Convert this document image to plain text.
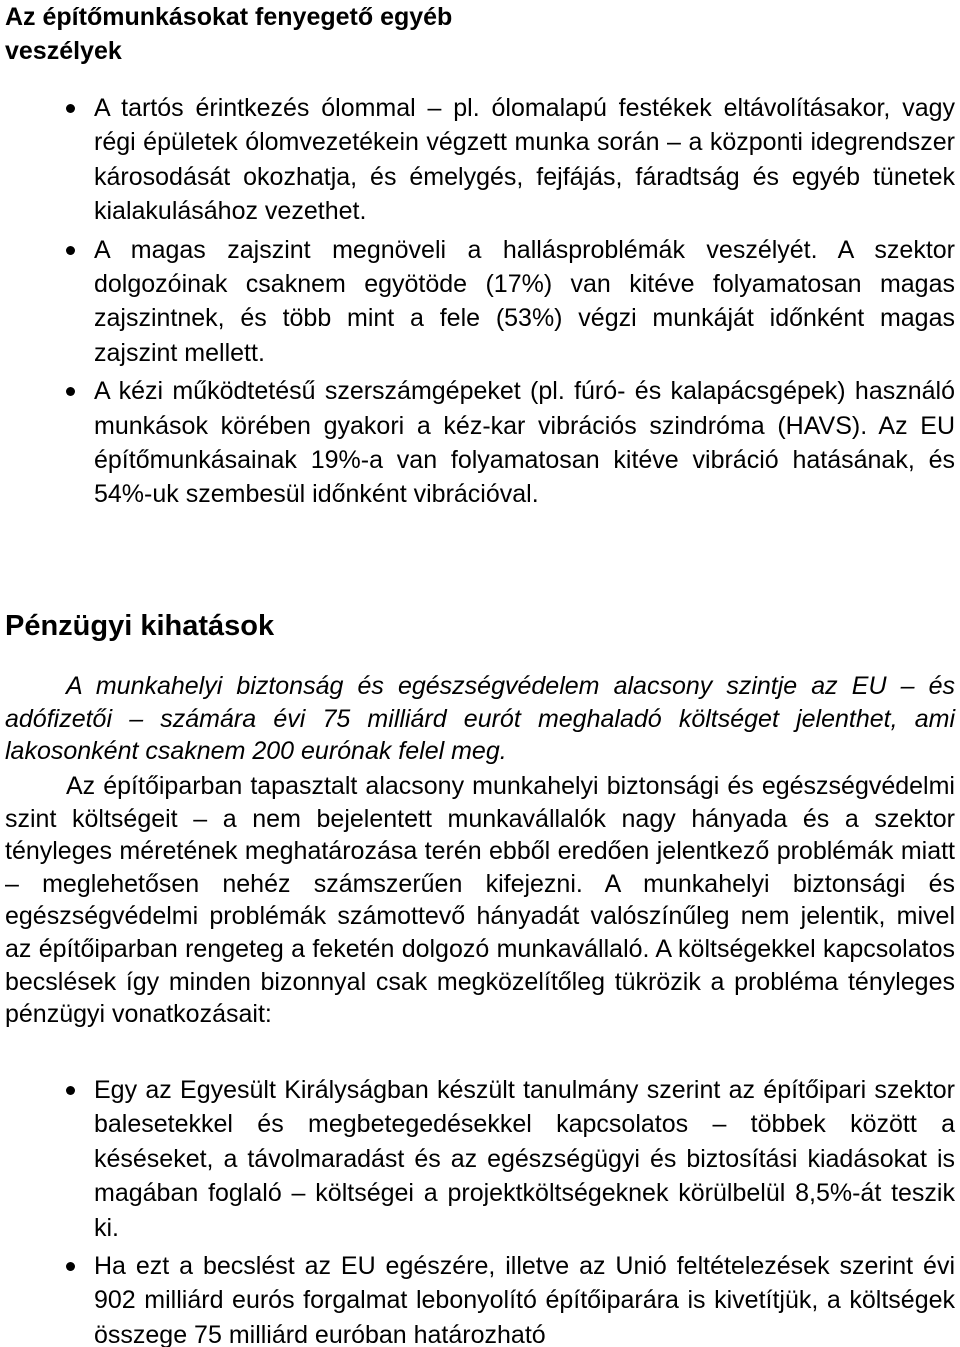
Az építőmunkásokat fenyegető egyéb veszélyek
A tartós érintkezés ólommal – pl. ólomalapú festékek eltávolításakor, vagy régi épületek ólomvezetékein végzett munka során – a központi idegrendszer károsodását okozhatja, és émelygés, fejfájás, fáradtság és egyéb tünetek kialakulásához vezethet.
A magas zajszint megnöveli a hallásproblémák veszélyét. A szektor dolgozóinak csaknem egyötöde (17%) van kitéve folyamatosan magas zajszintnek, és több mint a fele (53%) végzi munkáját időnként magas zajszint mellett.
A kézi működtetésű szerszámgépeket (pl. fúró- és kalapácsgépek) használó munkások körében gyakori a kéz-kar vibrációs szindróma (HAVS). Az EU építőmunkásainak 19%-a van folyamatosan kitéve vibráció hatásának, és 54%-uk szembesül időnként vibrációval.
Pénzügyi kihatások

A munkahelyi biztonság és egészségvédelem alacsony szintje az EU – és adófizetői – számára évi 75 milliárd eurót meghaladó költséget jelenthet, ami lakosonként csaknem 200 eurónak felel meg.

Az építőiparban tapasztalt alacsony munkahelyi biztonsági és egészségvédelmi szint költségeit – a nem bejelentett munkavállalók nagy hányada és a szektor tényleges méretének meghatározása terén ebből eredően jelentkező problémák miatt – meglehetősen nehéz számszerűen kifejezni. A munkahelyi biztonsági és egészségvédelmi problémák számottevő hányadát valószínűleg nem jelentik, mivel az építőiparban rengeteg a feketén dolgozó munkavállaló. A költségekkel kapcsolatos becslések így minden bizonnyal csak megközelítőleg tükrözik a probléma tényleges pénzügyi vonatkozásait:

Egy az Egyesült Királyságban készült tanulmány szerint az építőipari szektor balesetekkel és megbetegedésekkel kapcsolatos – többek között a késéseket, a távolmaradást és az egészségügyi és biztosítási kiadásokat is magában foglaló – költségei a projektköltségeknek körülbelül 8,5%-át teszik ki.
Ha ezt a becslést az EU egészére, illetve az Unió feltételezések szerint évi 902 milliárd eurós forgalmat lebonyolító építőiparára is kivetítjük, a költségek összege 75 milliárd euróban határozható
